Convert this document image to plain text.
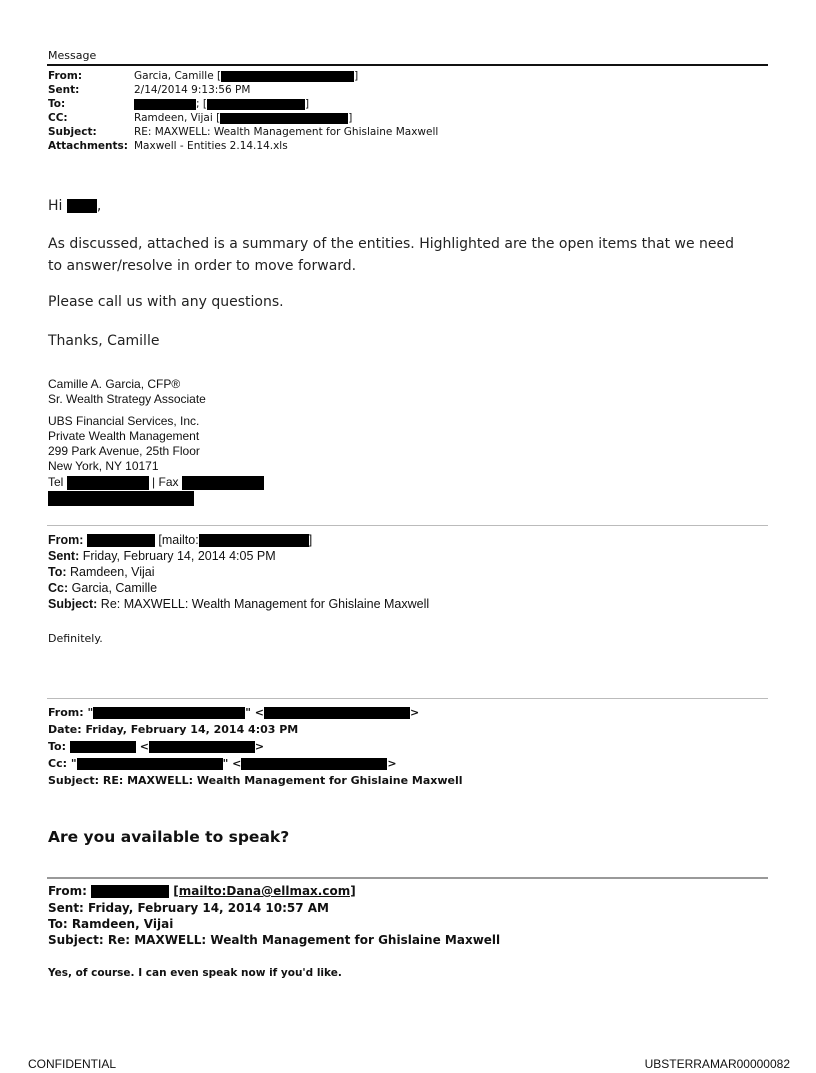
Message
From:	Garcia, Camille [	]
Sent:	2/14/2014 9:13:56 PM
To:	; [	]
CC:	Ramdeen, Vijai [	]
Subject:	RE: MAXWELL: Wealth Management for Ghislaine Maxwell
Attachments: Maxwell - Entities 2.14.14.xls
Hi ,
As discussed, attached is a summary of the entities. Highlighted are the open items that we need to answer/resolve in order to move forward.
Please call us with any questions.
Thanks, Camille
Camille A. Garcia, CFP®
Sr. Wealth Strategy Associate
UBS Financial Services, Inc.
Private Wealth Management
299 Park Avenue, 25th Floor
New York, NY 10171
Tel	| Fax
From:	[mailto:	]
Sent: Friday, February 14, 2014 4:05 PM
To: Ramdeen, Vijai
Cc: Garcia, Camille
Subject: Re: MAXWELL: Wealth Management for Ghislaine Maxwell
Definitely.
From: "	" <	>
Date: Friday, February 14, 2014 4:03 PM
To:	<	>
Cc: "	" <	>
Subject: RE: MAXWELL: Wealth Management for Ghislaine Maxwell
Are you available to speak?
From:	[mailto:Dana@ellmax.com]
Sent: Friday, February 14, 2014 10:57 AM
To: Ramdeen, Vijai
Subject: Re: MAXWELL: Wealth Management for Ghislaine Maxwell
Yes, of course. I can even speak now if you'd like.
CONFIDENTIAL	UBSTERRAMAR00000082
